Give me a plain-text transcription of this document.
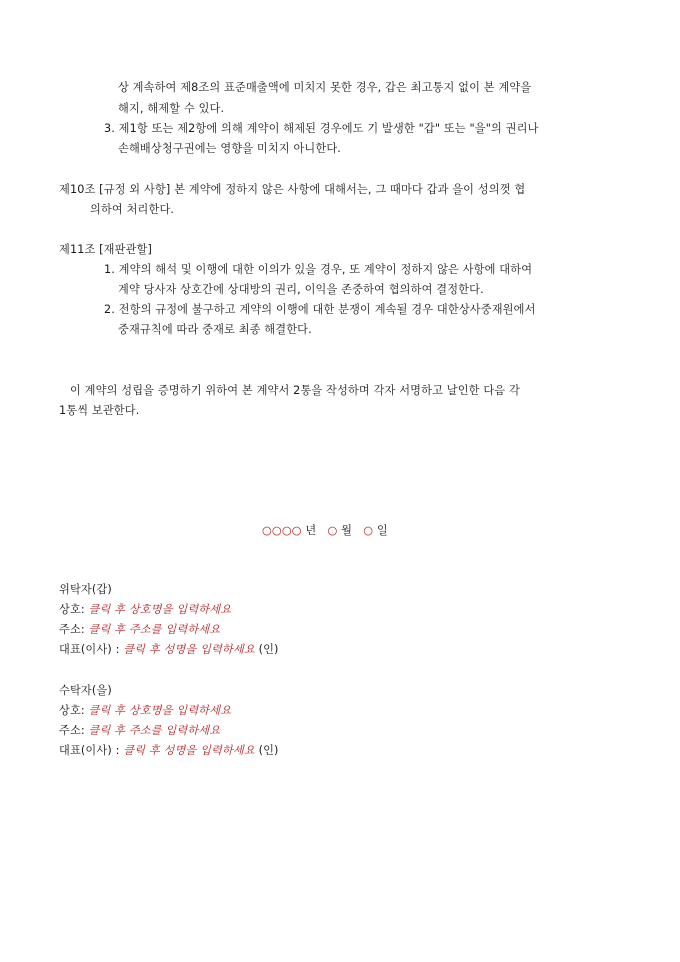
상 계속하여 제8조의 표준매출액에 미치지 못한 경우, 갑은 최고통지 없이 본 계약을
해지, 해제할 수 있다.
3. 제1항 또는 제2항에 의해 계약이 해제된 경우에도 기 발생한 "갑" 또는 "을"의 권리나
손해배상청구권에는 영향을 미치지 아니한다.
제10조 [규정 외 사항] 본 계약에 정하지 않은 사항에 대해서는, 그 때마다 갑과 을이 성의껏 협
의하여 처리한다.
제11조 [재판관할]
1. 계약의 해석 및 이행에 대한 이의가 있을 경우, 또 계약이 정하지 않은 사항에 대하여
계약 당사자 상호간에 상대방의 권리, 이익을 존중하여 협의하여 결정한다.
2. 전항의 규정에 불구하고 계약의 이행에 대한 분쟁이 계속될 경우 대한상사중재원에서
중재규칙에 따라 중재로 최종 해결한다.
이 계약의 성립을 증명하기 위하여 본 계약서 2통을 작성하며 각자 서명하고 날인한 다음 각
1통씩 보관한다.
○○○○ 년 ○ 월 ○ 일
위탁자(갑)
상호: 클릭 후 상호명을 입력하세요
주소: 클릭 후 주소를 입력하세요
대표(이사) : 클릭 후 성명을 입력하세요 (인)
수탁자(을)
상호: 클릭 후 상호명을 입력하세요
주소: 클릭 후 주소를 입력하세요
대표(이사) : 클릭 후 성명을 입력하세요 (인)
